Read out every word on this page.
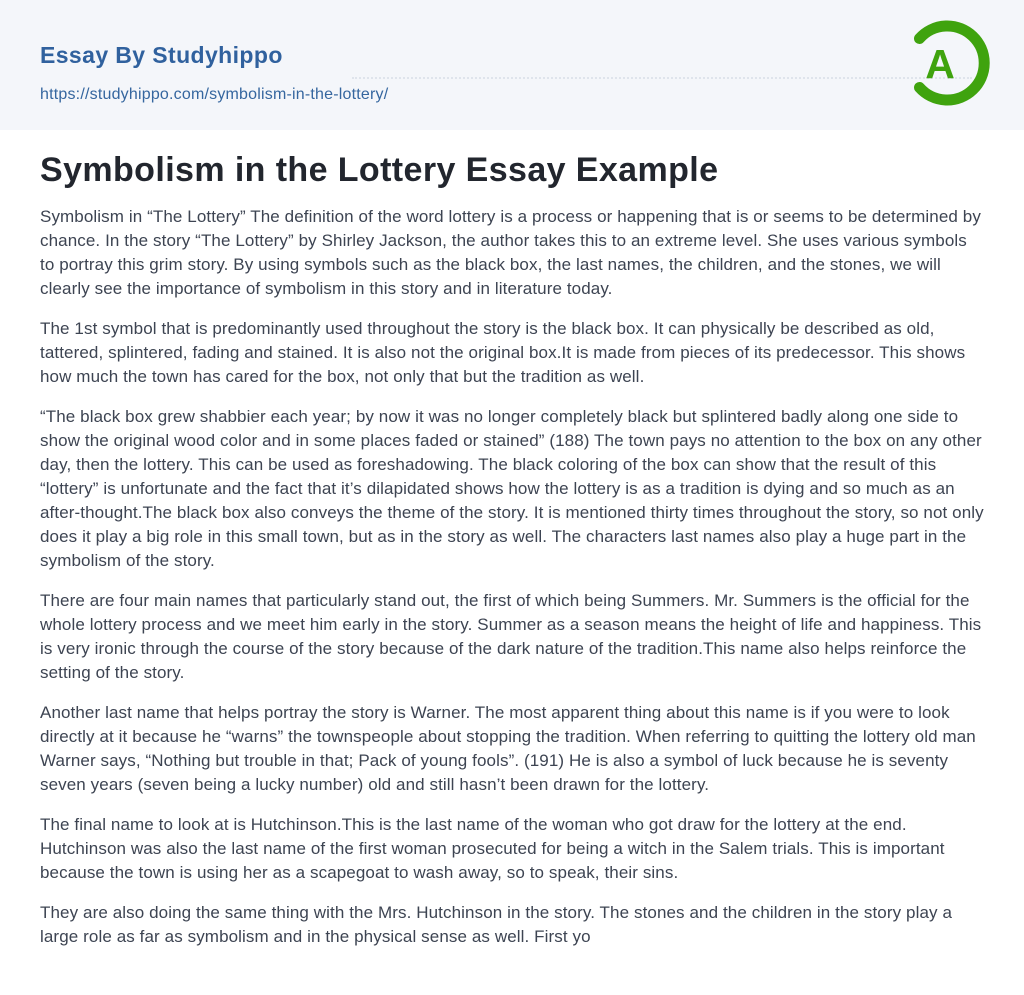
Essay By Studyhippo
https://studyhippo.com/symbolism-in-the-lottery/
A
Symbolism in the Lottery Essay Example

Symbolism in “The Lottery” The definition of the word lottery is a process or happening that is or seems to be determined by chance. In the story “The Lottery” by Shirley Jackson, the author takes this to an extreme level. She uses various symbols to portray this grim story. By using symbols such as the black box, the last names, the children, and the stones, we will clearly see the importance of symbolism in this story and in literature today.

The 1st symbol that is predominantly used throughout the story is the black box. It can physically be described as old, tattered, splintered, fading and stained. It is also not the original box.It is made from pieces of its predecessor. This shows how much the town has cared for the box, not only that but the tradition as well.

“The black box grew shabbier each year; by now it was no longer completely black but splintered badly along one side to show the original wood color and in some places faded or stained” (188) The town pays no attention to the box on any other day, then the lottery. This can be used as foreshadowing. The black coloring of the box can show that the result of this “lottery” is unfortunate and the fact that it’s dilapidated shows how the lottery is as a tradition is dying and so much as an after-thought.The black box also conveys the theme of the story. It is mentioned thirty times throughout the story, so not only does it play a big role in this small town, but as in the story as well. The characters last names also play a huge part in the symbolism of the story.

There are four main names that particularly stand out, the first of which being Summers. Mr. Summers is the official for the whole lottery process and we meet him early in the story. Summer as a season means the height of life and happiness. This is very ironic through the course of the story because of the dark nature of the tradition.This name also helps reinforce the setting of the story.

Another last name that helps portray the story is Warner. The most apparent thing about this name is if you were to look directly at it because he “warns” the townspeople about stopping the tradition. When referring to quitting the lottery old man Warner says, “Nothing but trouble in that; Pack of young fools”. (191) He is also a symbol of luck because he is seventy seven years (seven being a lucky number) old and still hasn’t been drawn for the lottery.

The final name to look at is Hutchinson.This is the last name of the woman who got draw for the lottery at the end. Hutchinson was also the last name of the first woman prosecuted for being a witch in the Salem trials. This is important because the town is using her as a scapegoat to wash away, so to speak, their sins.

They are also doing the same thing with the Mrs. Hutchinson in the story. The stones and the children in the story play a large role as far as symbolism and in the physical sense as well. First yo
